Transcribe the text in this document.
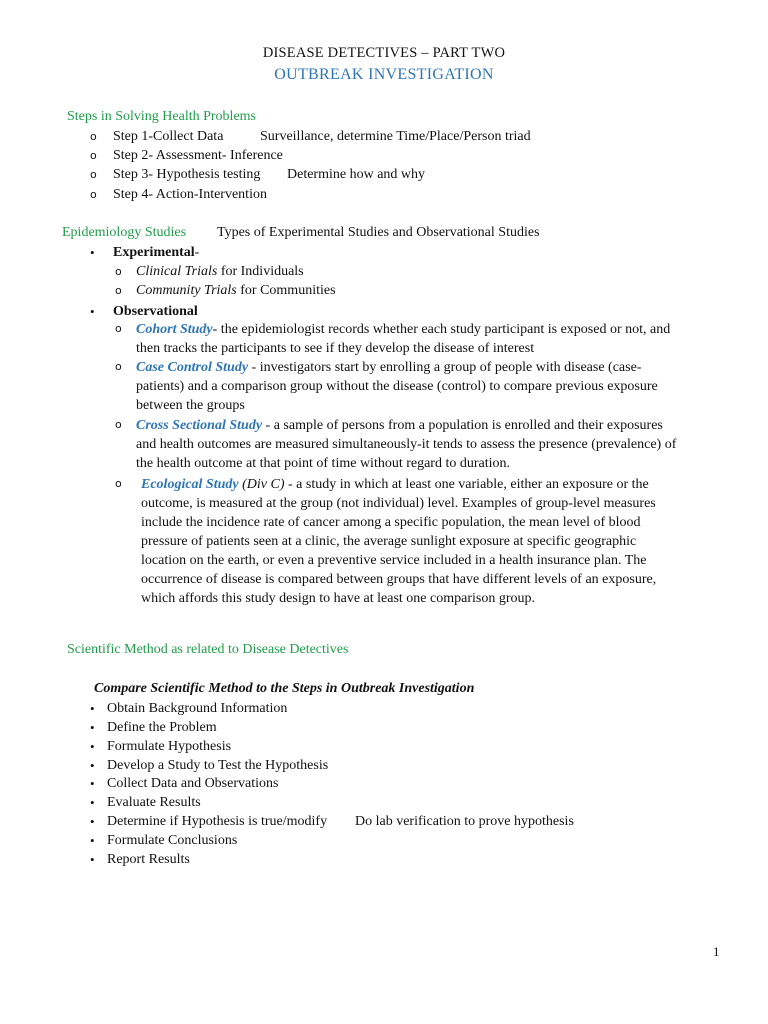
DISEASE DETECTIVES – PART TWO
OUTBREAK INVESTIGATION
Steps in Solving Health Problems
o Step 1-Collect Data	Surveillance, determine Time/Place/Person triad
o Step 2- Assessment- Inference
o Step 3- Hypothesis testing Determine how and why
o Step 4- Action-Intervention
Epidemiology Studies Types of Experimental Studies and Observational Studies
• Experimental-
o Clinical Trials for Individuals
o Community Trials for Communities
• Observational
o Cohort Study- the epidemiologist records whether each study participant is exposed or not, and
then tracks the participants to see if they develop the disease of interest
o Case Control Study - investigators start by enrolling a group of people with disease (case-
patients) and a comparison group without the disease (control) to compare previous exposure
between the groups
o Cross Sectional Study - a sample of persons from a population is enrolled and their exposures
and health outcomes are measured simultaneously-it tends to assess the presence (prevalence) of
the health outcome at that point of time without regard to duration.
o Ecological Study (Div C) - a study in which at least one variable, either an exposure or the
outcome, is measured at the group (not individual) level. Examples of group-level measures
include the incidence rate of cancer among a specific population, the mean level of blood
pressure of patients seen at a clinic, the average sunlight exposure at specific geographic
location on the earth, or even a preventive service included in a health insurance plan. The
occurrence of disease is compared between groups that have different levels of an exposure,
which affords this study design to have at least one comparison group.
Scientific Method as related to Disease Detectives
Compare Scientific Method to the Steps in Outbreak Investigation
• Obtain Background Information
• Define the Problem
• Formulate Hypothesis
• Develop a Study to Test the Hypothesis
• Collect Data and Observations
• Evaluate Results
• Determine if Hypothesis is true/modify Do lab verification to prove hypothesis
• Formulate Conclusions
• Report Results
1
